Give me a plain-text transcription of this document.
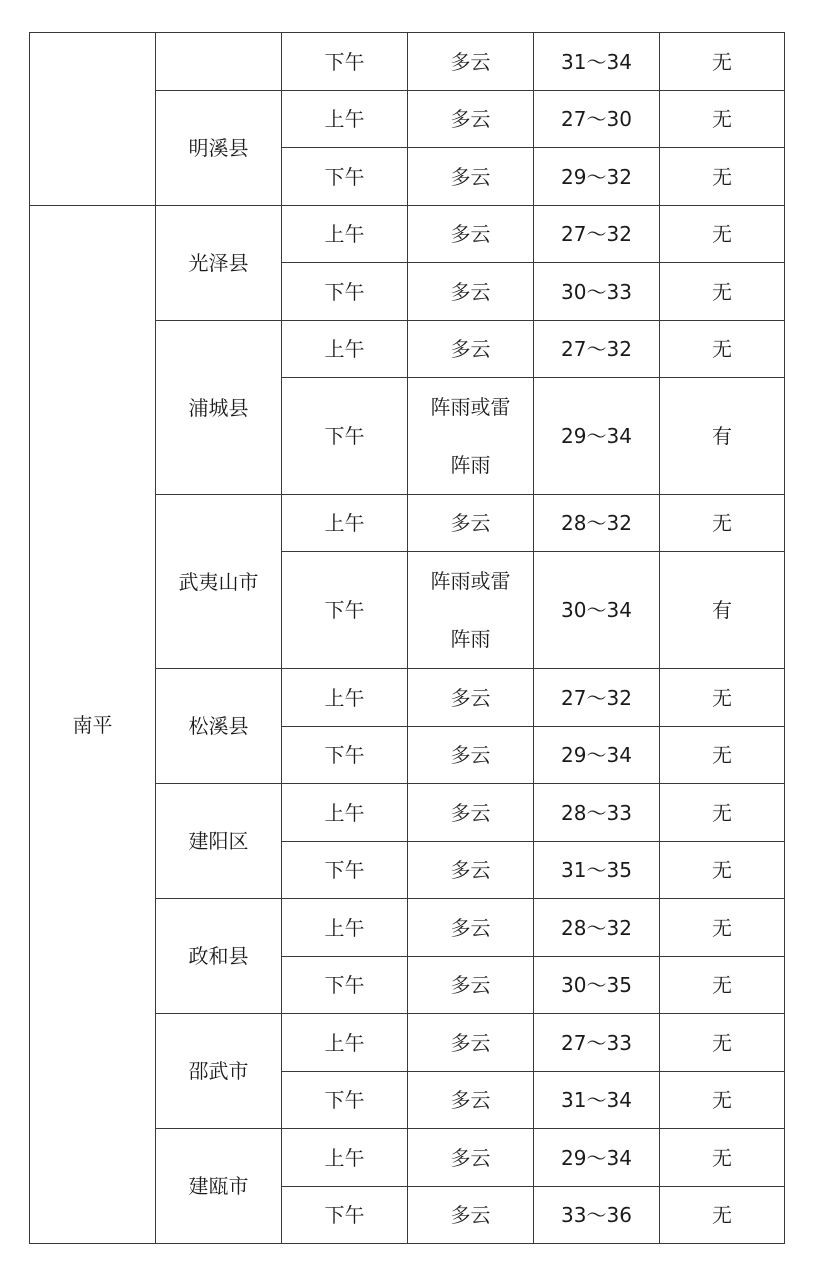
		下午	多云	31～34	无
	明溪县	上午	多云	27～30	无
		下午	多云	29～32	无
南平	光泽县	上午	多云	27～32	无
		下午	多云	30～33	无
	浦城县	上午	多云	27～32	无
		下午	阵雨或雷
阵雨	29～34	有
	武夷山市	上午	多云	28～32	无
		下午	阵雨或雷
阵雨	30～34	有
	松溪县	上午	多云	27～32	无
		下午	多云	29～34	无
	建阳区	上午	多云	28～33	无
		下午	多云	31～35	无
	政和县	上午	多云	28～32	无
		下午	多云	30～35	无
	邵武市	上午	多云	27～33	无
		下午	多云	31～34	无
	建瓯市	上午	多云	29～34	无
		下午	多云	33～36	无
